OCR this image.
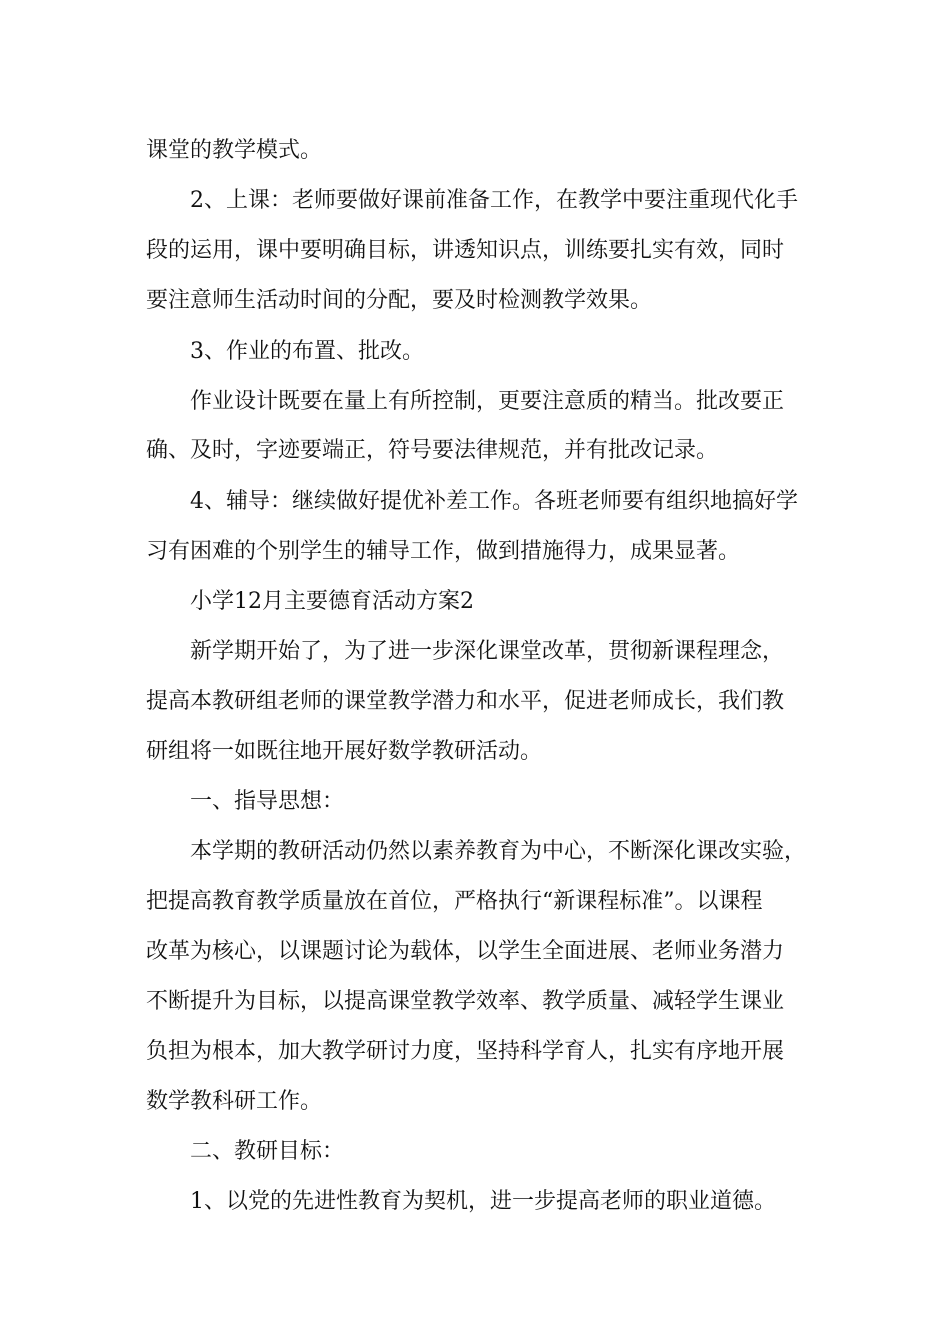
课堂的教学模式。
2、上课：老师要做好课前准备工作，在教学中要注重现代化手
段的运用，课中要明确目标，讲透知识点，训练要扎实有效，同时
要注意师生活动时间的分配，要及时检测教学效果。
3、作业的布置、批改。
作业设计既要在量上有所控制，更要注意质的精当。批改要正
确、及时，字迹要端正，符号要法律规范，并有批改记录。
4、辅导：继续做好提优补差工作。各班老师要有组织地搞好学
习有困难的个别学生的辅导工作，做到措施得力，成果显著。
小学12月主要德育活动方案2
新学期开始了，为了进一步深化课堂改革，贯彻新课程理念，
提高本教研组老师的课堂教学潜力和水平，促进老师成长，我们教
研组将一如既往地开展好数学教研活动。
一、指导思想：
本学期的教研活动仍然以素养教育为中心，不断深化课改实验，
把提高教育教学质量放在首位，严格执行“新课程标准”。以课程
改革为核心，以课题讨论为载体，以学生全面进展、老师业务潜力
不断提升为目标，以提高课堂教学效率、教学质量、减轻学生课业
负担为根本，加大教学研讨力度，坚持科学育人，扎实有序地开展
数学教科研工作。
二、教研目标：
1、以党的先进性教育为契机，进一步提高老师的职业道德。
